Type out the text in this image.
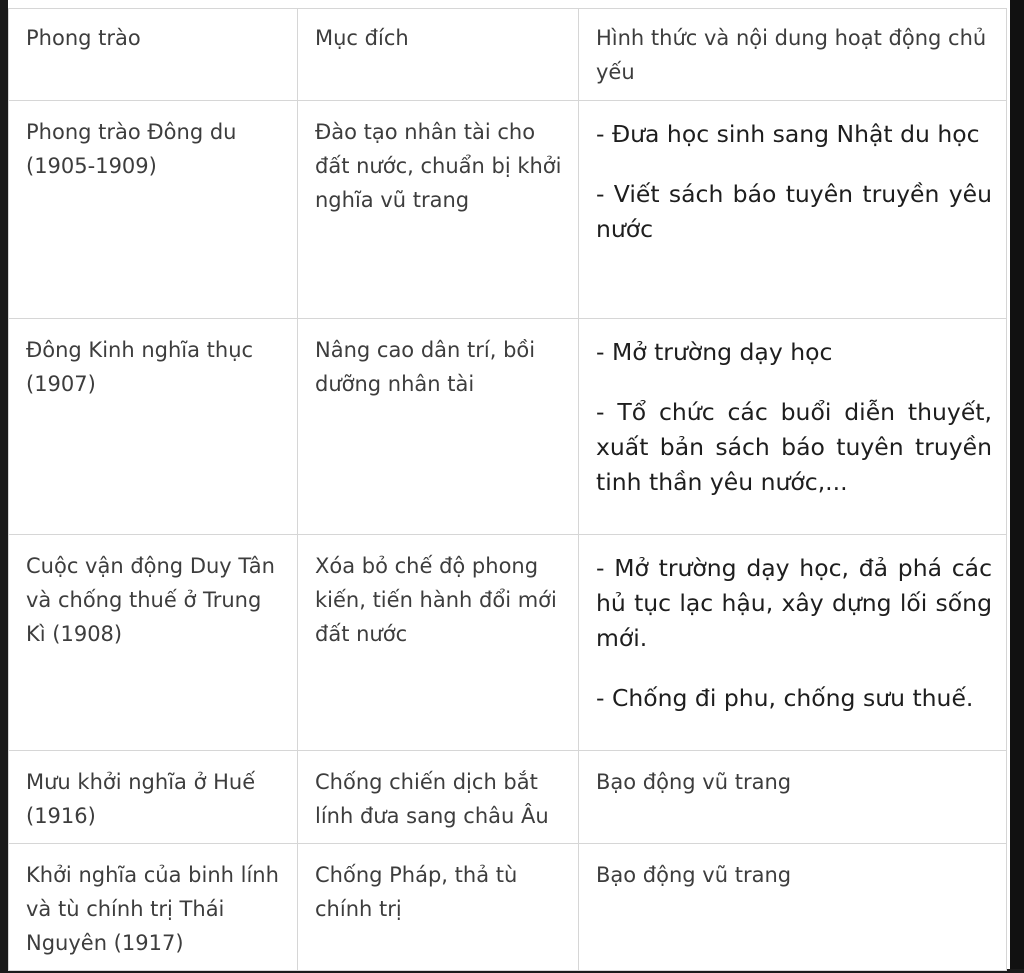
Phong trào	Mục đích	Hình thức và nội dung hoạt động chủ yếu

Phong trào Đông du (1905-1909)	Đào tạo nhân tài cho đất nước, chuẩn bị khởi nghĩa vũ trang	- Đưa học sinh sang Nhật du học
- Viết sách báo tuyên truyền yêu nước

Đông Kinh nghĩa thục (1907)	Nâng cao dân trí, bồi dưỡng nhân tài	- Mở trường dạy học
- Tổ chức các buổi diễn thuyết, xuất bản sách báo tuyên truyền tinh thần yêu nước,...

Cuộc vận động Duy Tân và chống thuế ở Trung Kì (1908)	Xóa bỏ chế độ phong kiến, tiến hành đổi mới đất nước	- Mở trường dạy học, đả phá các hủ tục lạc hậu, xây dựng lối sống mới.
- Chống đi phu, chống sưu thuế.

Mưu khởi nghĩa ở Huế (1916)	Chống chiến dịch bắt lính đưa sang châu Âu	Bạo động vũ trang

Khởi nghĩa của binh lính và tù chính trị Thái Nguyên (1917)	Chống Pháp, thả tù chính trị	Bạo động vũ trang
